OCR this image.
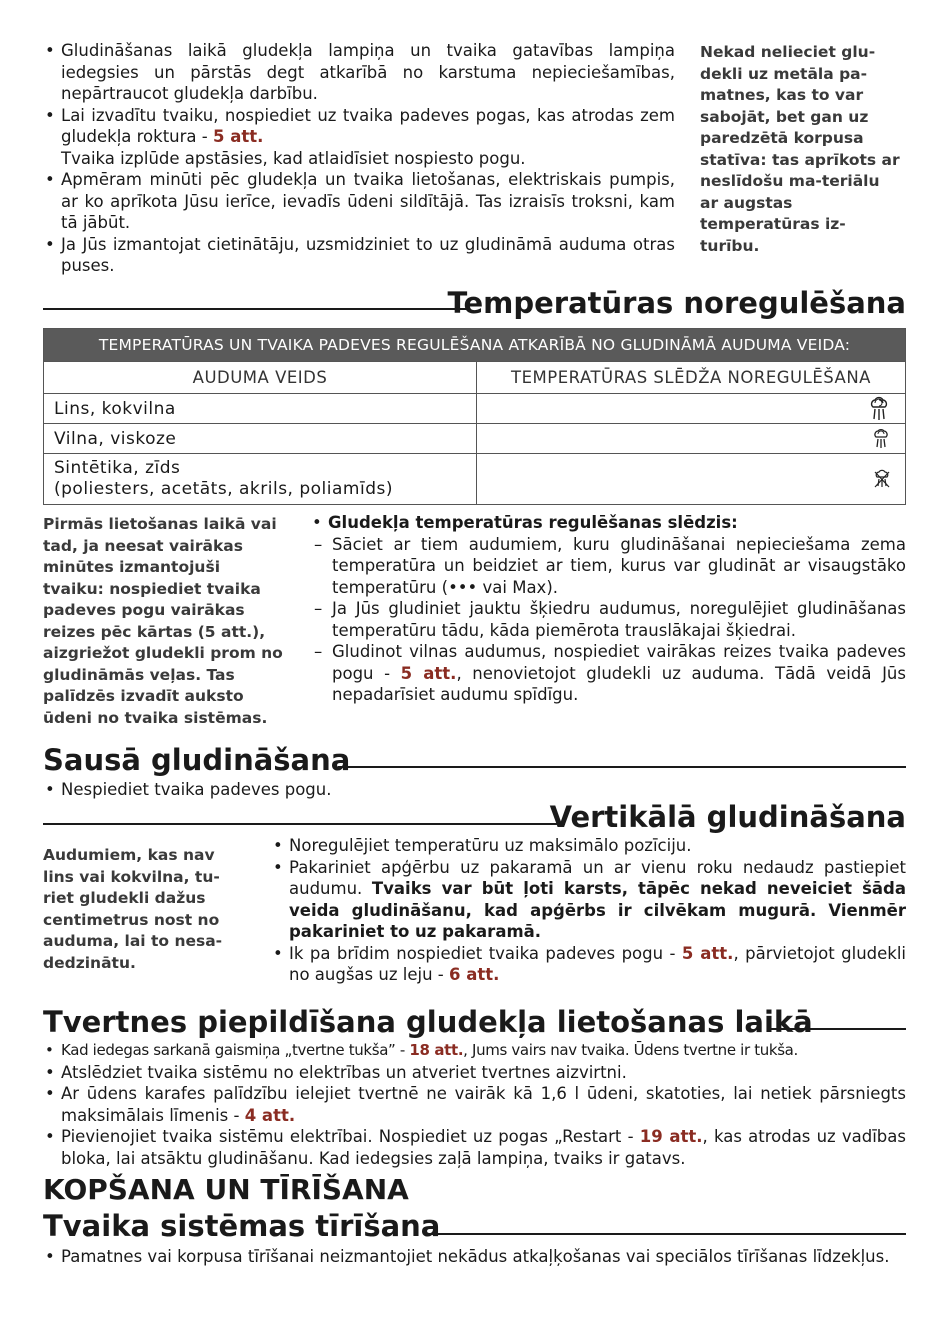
• Gludināšanas laikā gludekļa lampiņa un tvaika gatavības lampiņa iedegsies un pārstās degt atkarībā no karstuma nepieciešamības, nepārtraucot gludekļa darbību.
• Lai izvadītu tvaiku, nospiediet uz tvaika padeves pogas, kas atrodas zem gludekļa roktura - 5 att.
Tvaika izplūde apstāsies, kad atlaidīsiet nospiesto pogu.
• Apmēram minūti pēc gludekļa un tvaika lietošanas, elektriskais pumpis, ar ko aprīkota Jūsu ierīce, ievadīs ūdeni sildītājā. Tas izraisīs troksni, kam tā jābūt.
• Ja Jūs izmantojat cietinātāju, uzsmidziniet to uz gludināmā auduma otras puses.
Nekad nelieciet glu-dekli uz metāla pa-matnes, kas to var sabojāt, bet gan uz paredzētā korpusa statīva: tas aprīkots ar neslīdošu ma-teriālu ar augstas temperatūras iz-turību.
Temperatūras noregulēšana
TEMPERATŪRAS UN TVAIKA PADEVES REGULĒŠANA ATKARĪBĀ NO GLUDINĀMĀ AUDUMA VEIDA:	
AUDUMA VEIDS	TEMPERATŪRAS SLĒDŽA NOREGULĒŠANA
Lins, kokvilna	
Vilna, viskoze	
Sintētika, zīds
(poliesters, acetāts, akrils, poliamīds)	
Pirmās lietošanas laikā vai tad, ja neesat vairākas minūtes izmantojuši tvaiku: nospiediet tvaika padeves pogu vairākas reizes pēc kārtas (5 att.), aizgriežot gludekli prom no gludināmās veļas. Tas palīdzēs izvadīt auksto ūdeni no tvaika sistēmas.
• Gludekļa temperatūras regulēšanas slēdzis:
– Sāciet ar tiem audumiem, kuru gludināšanai nepieciešama zema temperatūra un beidziet ar tiem, kurus var gludināt ar visaugstāko temperatūru (••• vai Max).
– Ja Jūs gludiniet jauktu šķiedru audumus, noregulējiet gludināšanas temperatūru tādu, kāda piemērota trauslākajai šķiedrai.
– Gludinot vilnas audumus, nospiediet vairākas reizes tvaika padeves pogu - 5 att., nenovietojot gludekli uz auduma. Tādā veidā Jūs nepadarīsiet audumu spīdīgu.
Sausā gludināšana
• Nespiediet tvaika padeves pogu.
Vertikālā gludināšana
Audumiem, kas nav lins vai kokvilna, tu-riet gludekli dažus centimetrus nost no auduma, lai to nesa-dedzinātu.
• Noregulējiet temperatūru uz maksimālo pozīciju.
• Pakariniet apģērbu uz pakaramā un ar vienu roku nedaudz pastiepiet audumu. Tvaiks var būt ļoti karsts, tāpēc nekad neveiciet šāda veida gludināšanu, kad apģērbs ir cilvēkam mugurā. Vienmēr pakariniet to uz pakaramā.
• Ik pa brīdim nospiediet tvaika padeves pogu - 5 att., pārvietojot gludekli no augšas uz leju - 6 att.
Tvertnes piepildīšana gludekļa lietošanas laikā
• Kad iedegas sarkanā gaismiņa „tvertne tukša” - 18 att., Jums vairs nav tvaika. Ūdens tvertne ir tukša.
• Atslēdziet tvaika sistēmu no elektrības un atveriet tvertnes aizvirtni.
• Ar ūdens karafes palīdzību ielejiet tvertnē ne vairāk kā 1,6 l ūdeni, skatoties, lai netiek pārsniegts maksimālais līmenis - 4 att.
• Pievienojiet tvaika sistēmu elektrībai. Nospiediet uz pogas „Restart - 19 att., kas atrodas uz vadības bloka, lai atsāktu gludināšanu. Kad iedegsies zaļā lampiņa, tvaiks ir gatavs.
KOPŠANA UN TĪRĪŠANA
Tvaika sistēmas tīrīšana
• Pamatnes vai korpusa tīrīšanai neizmantojiet nekādus atkaļķošanas vai speciālos tīrīšanas līdzekļus.
